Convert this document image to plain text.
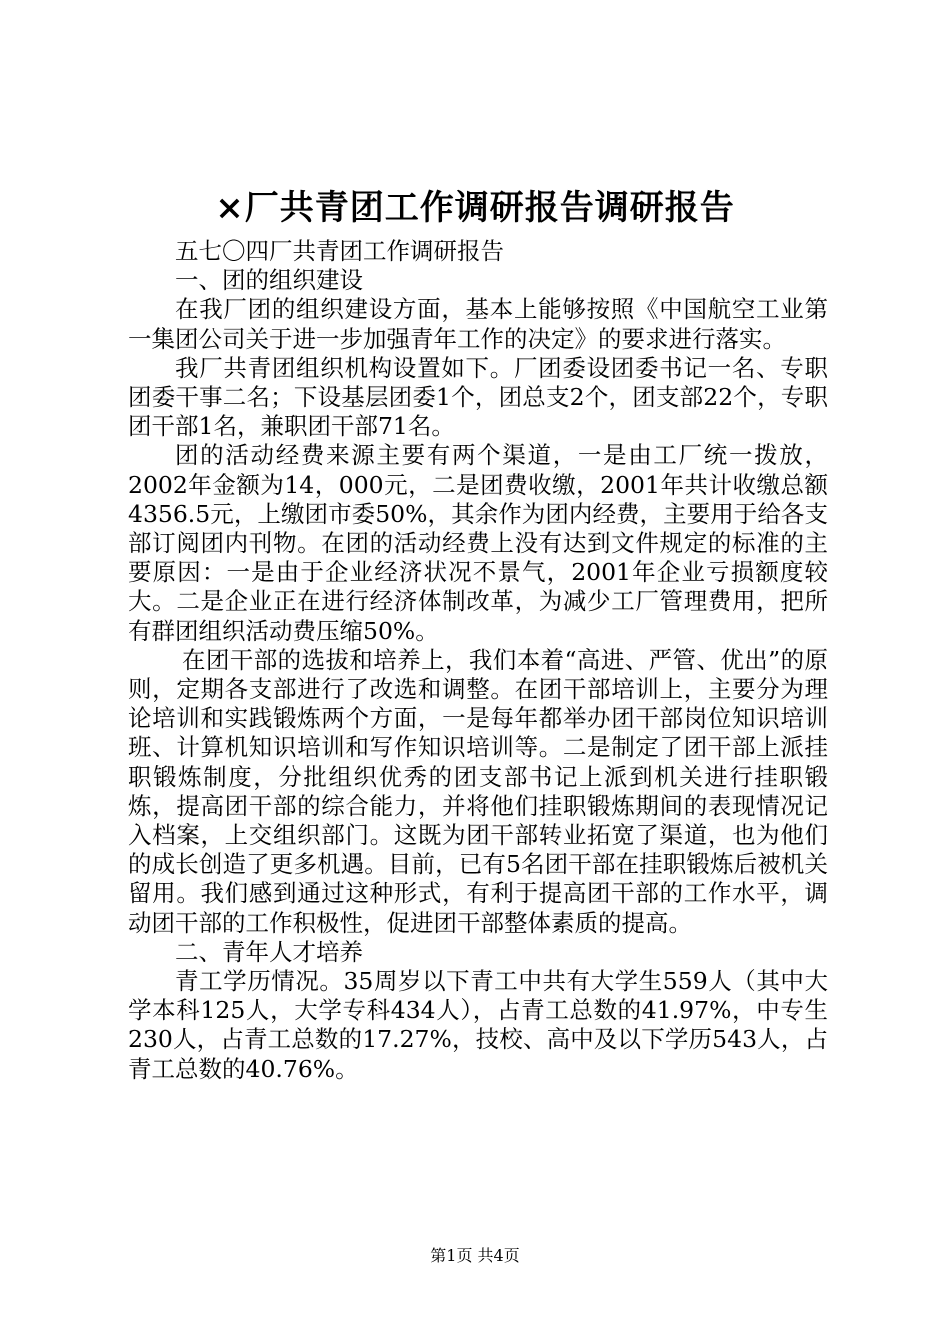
×厂共青团工作调研报告调研报告

五七〇四厂共青团工作调研报告

一、团的组织建设

在我厂团的组织建设方面，基本上能够按照《中国航空工业第一集团公司关于进一步加强青年工作的决定》的要求进行落实。

我厂共青团组织机构设置如下。厂团委设团委书记一名、专职团委干事二名；下设基层团委1个，团总支2个，团支部22个，专职团干部1名，兼职团干部71名。

团的活动经费来源主要有两个渠道，一是由工厂统一拨放，2002年金额为14，000元，二是团费收缴，2001年共计收缴总额4356.5元，上缴团市委50%，其余作为团内经费，主要用于给各支部订阅团内刊物。在团的活动经费上没有达到文件规定的标准的主要原因：一是由于企业经济状况不景气，2001年企业亏损额度较大。二是企业正在进行经济体制改革，为减少工厂管理费用，把所有群团组织活动费压缩50%。

在团干部的选拔和培养上，我们本着“高进、严管、优出”的原则，定期各支部进行了改选和调整。在团干部培训上，主要分为理论培训和实践锻炼两个方面，一是每年都举办团干部岗位知识培训班、计算机知识培训和写作知识培训等。二是制定了团干部上派挂职锻炼制度，分批组织优秀的团支部书记上派到机关进行挂职锻炼，提高团干部的综合能力，并将他们挂职锻炼期间的表现情况记入档案，上交组织部门。这既为团干部转业拓宽了渠道，也为他们的成长创造了更多机遇。目前，已有5名团干部在挂职锻炼后被机关留用。我们感到通过这种形式，有利于提高团干部的工作水平，调动团干部的工作积极性，促进团干部整体素质的提高。

二、青年人才培养

青工学历情况。35周岁以下青工中共有大学生559人（其中大学本科125人，大学专科434人），占青工总数的41.97%，中专生230人，占青工总数的17.27%，技校、高中及以下学历543人，占青工总数的40.76%。

第1页 共4页
